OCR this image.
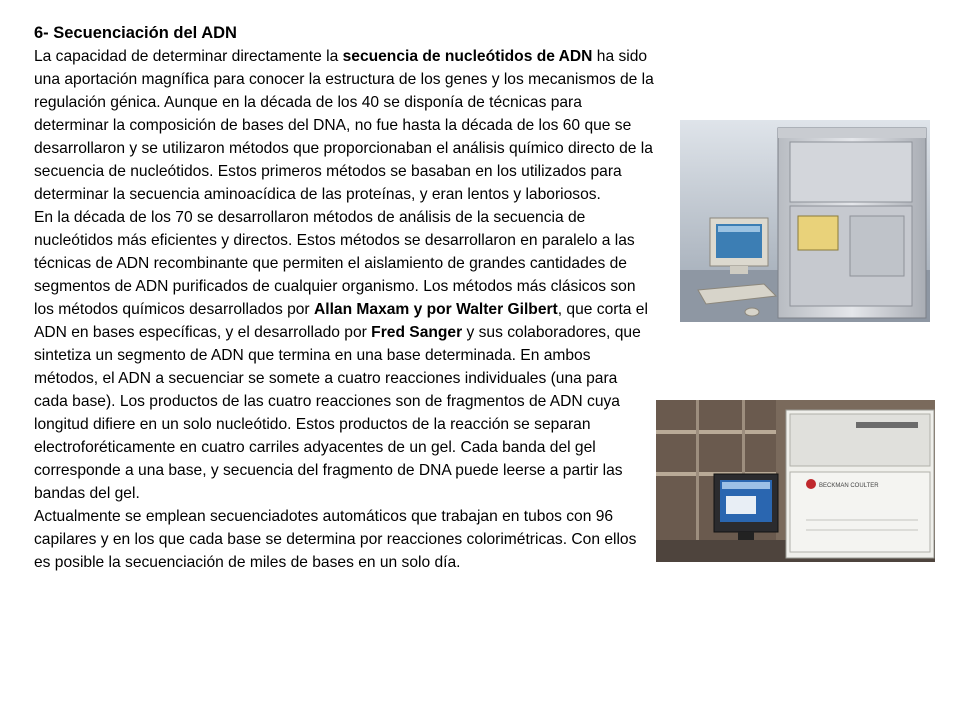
6- Secuenciación del ADN

La capacidad de determinar directamente la secuencia de nucleótidos de ADN ha sido una aportación magnífica para conocer la estructura de los genes y los mecanismos de la regulación génica. Aunque en la década de los 40 se disponía de técnicas para determinar la composición de bases del DNA, no fue hasta la década de los 60 que se desarrollaron y se utilizaron métodos que proporcionaban el análisis químico directo de la secuencia de nucleótidos. Estos primeros métodos se basaban en los utilizados para determinar la secuencia aminoacídica de las proteínas, y eran lentos y laboriosos.

En la década de los 70 se desarrollaron métodos de análisis de la secuencia de nucleótidos más eficientes y directos. Estos métodos se desarrollaron en paralelo a las técnicas de ADN recombinante que permiten el aislamiento de grandes cantidades de segmentos de ADN purificados de cualquier organismo. Los métodos más clásicos son los métodos químicos desarrollados por Allan Maxam y por Walter Gilbert, que corta el ADN en bases específicas, y el desarrollado por Fred Sanger y sus colaboradores, que sintetiza un segmento de ADN que termina en una base determinada. En ambos métodos, el ADN a secuenciar se somete a cuatro reacciones individuales (una para cada base). Los productos de las cuatro reacciones son de fragmentos de ADN cuya longitud difiere en un solo nucleótido. Estos productos de la reacción se separan electroforéticamente en cuatro carriles adyacentes de un gel. Cada banda del gel corresponde a una base, y secuencia del fragmento de DNA puede leerse a partir las bandas del gel.

Actualmente se emplean secuenciadotes automáticos que trabajan en tubos con 96 capilares y en los que cada base se determina por reacciones colorimétricas. Con ellos es posible la secuenciación de miles de bases en un solo día.

BECKMAN COULTER
